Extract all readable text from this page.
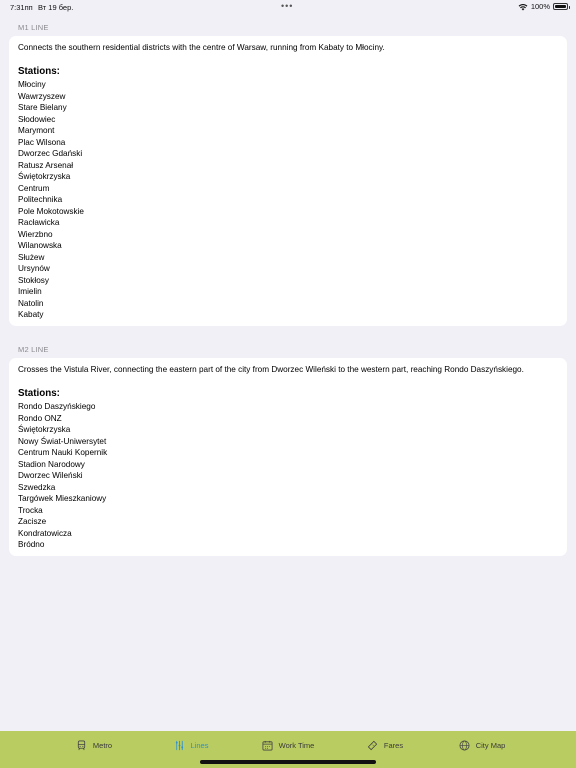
7:31пп Вт 19 бер.	•••	100%
M1 LINE
Connects the southern residential districts with the centre of Warsaw, running from Kabaty to Młociny.
Stations:
Młociny
Wawrzyszew
Stare Bielany
Słodowiec
Marymont
Plac Wilsona
Dworzec Gdański
Ratusz Arsenał
Świętokrzyska
Centrum
Politechnika
Pole Mokotowskie
Racławicka
Wierzbno
Wilanowska
Służew
Ursynów
Stokłosy
Imielin
Natolin
Kabaty
M2 LINE
Crosses the Vistula River, connecting the eastern part of the city from Dworzec Wileński to the western part, reaching Rondo Daszyńskiego.
Stations:
Rondo Daszyńskiego
Rondo ONZ
Świętokrzyska
Nowy Świat-Uniwersytet
Centrum Nauki Kopernik
Stadion Narodowy
Dworzec Wileński
Szwedzka
Targówek Mieszkaniowy
Trocka
Zacisze
Kondratowicza
Bródno
Metro	Lines	Work Time	Fares	City Map
